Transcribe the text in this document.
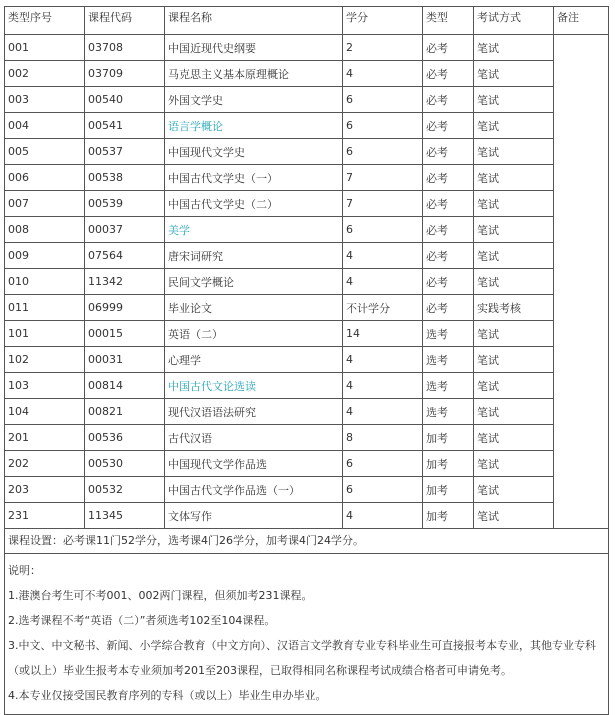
类型序号	课程代码	课程名称	学分	类型	考试方式	备注
001	03708	中国近现代史纲要	2	必考	笔试	
002	03709	马克思主义基本原理概论	4	必考	笔试	
003	00540	外国文学史	6	必考	笔试	
004	00541	语言学概论	6	必考	笔试	
005	00537	中国现代文学史	6	必考	笔试	
006	00538	中国古代文学史（一）	7	必考	笔试	
007	00539	中国古代文学史（二）	7	必考	笔试	
008	00037	美学	6	必考	笔试	
009	07564	唐宋词研究	4	必考	笔试	
010	11342	民间文学概论	4	必考	笔试	
011	06999	毕业论文	不计学分	必考	实践考核	
101	00015	英语（二）	14	选考	笔试	
102	00031	心理学	4	选考	笔试	
103	00814	中国古代文论选读	4	选考	笔试	
104	00821	现代汉语语法研究	4	选考	笔试	
201	00536	古代汉语	8	加考	笔试	
202	00530	中国现代文学作品选	6	加考	笔试	
203	00532	中国古代文学作品选（一）	6	加考	笔试	
231	11345	文体写作	4	加考	笔试	
课程设置：必考课11门52学分，选考课4门26学分，加考课4门24学分。
说明：
1.港澳台考生可不考001、002两门课程，但须加考231课程。
2.选考课程不考“英语（二）”者须选考102至104课程。
3.中文、中文秘书、新闻、小学综合教育（中文方向）、汉语言文学教育专业专科毕业生可直接报考本专业，其他专业专科（或以上）毕业生报考本专业须加考201至203课程，已取得相同名称课程考试成绩合格者可申请免考。
4.本专业仅接受国民教育序列的专科（或以上）毕业生申办毕业。
